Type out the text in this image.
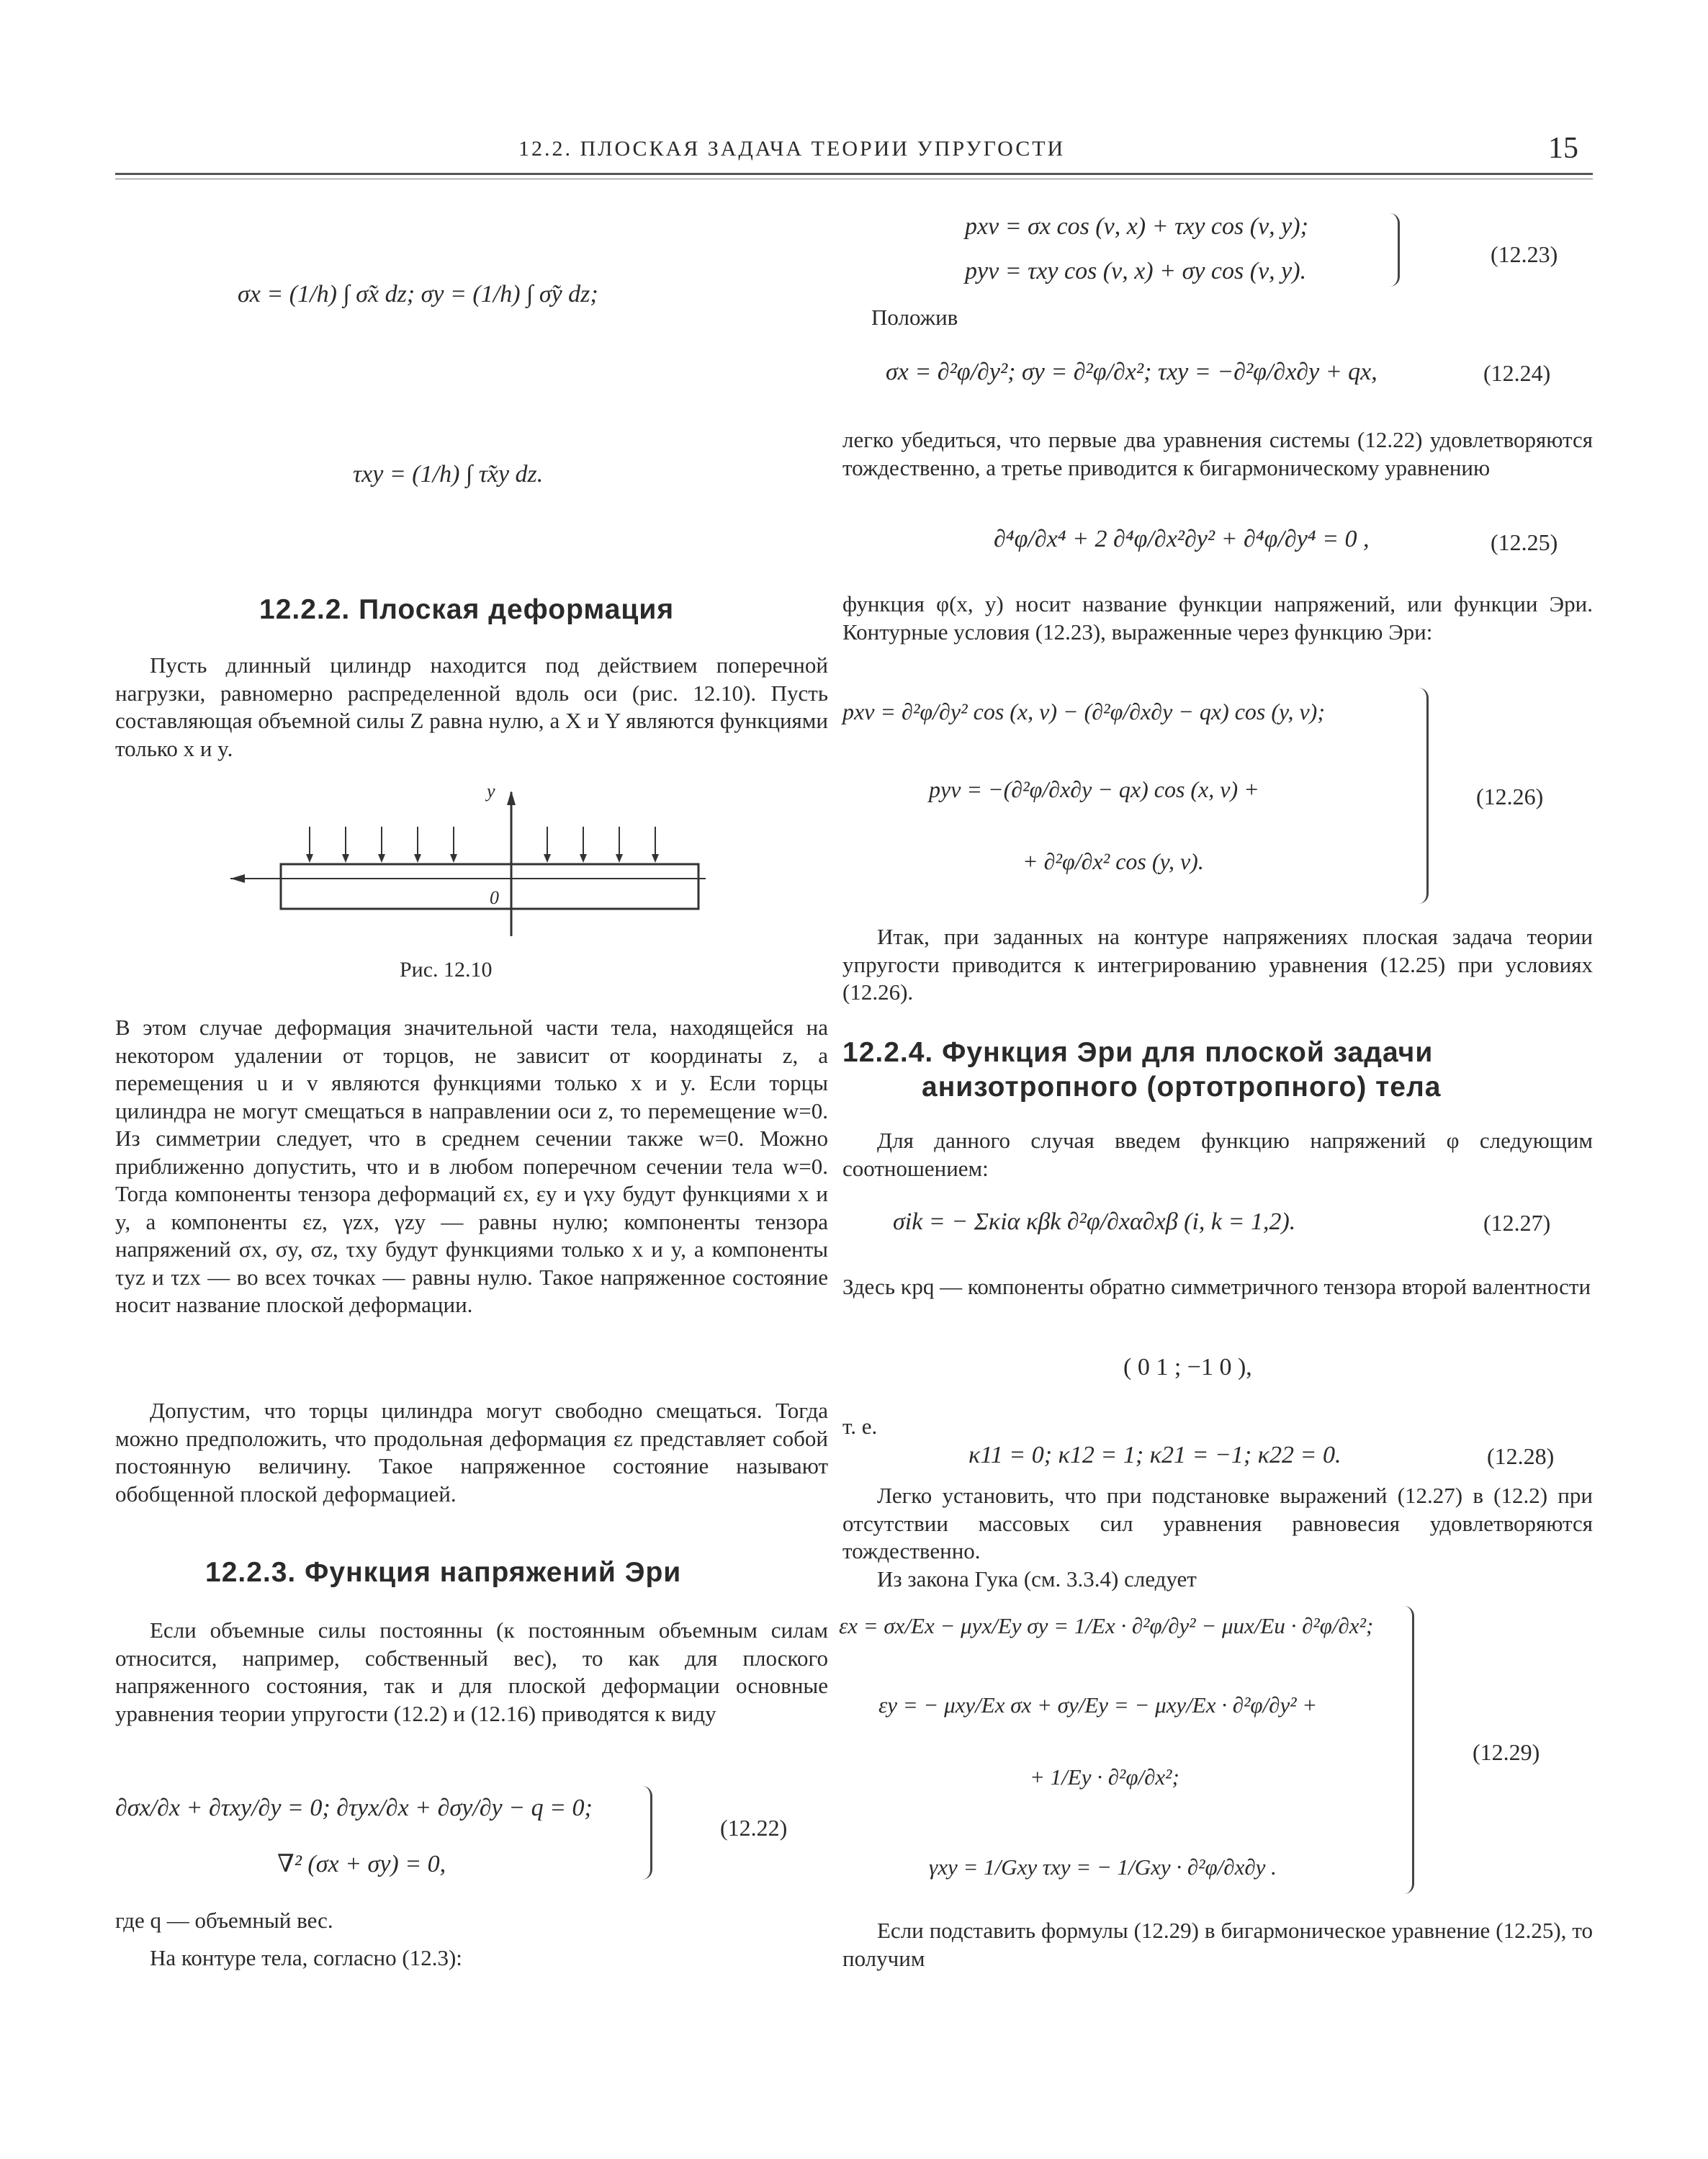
12.2. ПЛОСКАЯ ЗАДАЧА ТЕОРИИ УПРУГОСТИ	15
σx = (1/h) ∫ σ̃x dz; σy = (1/h) ∫ σ̃y dz;
τxy = (1/h) ∫ τ̃xy dz.
12.2.2. Плоская деформация
Пусть длинный цилиндр находится под действием поперечной нагрузки, равномерно распределенной вдоль оси (рис. 12.10). Пусть составляющая объемной силы Z равна нулю, а X и Y являются функциями только x и y.
y
0
Рис. 12.10
В этом случае деформация значительной части тела, находящейся на некотором удалении от торцов, не зависит от координаты z, а перемещения u и v являются функциями только x и y. Если торцы цилиндра не могут смещаться в направлении оси z, то перемещение w=0. Из симметрии следует, что в среднем сечении также w=0. Можно приближенно допустить, что и в любом поперечном сечении тела w=0. Тогда компоненты тензора деформаций εx, εy и γxy будут функциями x и y, а компоненты εz, γzx, γzy — равны нулю; компоненты тензора напряжений σx, σy, σz, τxy будут функциями только x и y, а компоненты τyz и τzx — во всех точках — равны нулю. Такое напряженное состояние носит название плоской деформации.
Допустим, что торцы цилиндра могут свободно смещаться. Тогда можно предположить, что продольная деформация εz представляет собой постоянную величину. Такое напряженное состояние называют обобщенной плоской деформацией.
12.2.3. Функция напряжений Эри
Если объемные силы постоянны (к постоянным объемным силам относится, например, собственный вес), то как для плоского напряженного состояния, так и для плоской деформации основные уравнения теории упругости (12.2) и (12.16) приводятся к виду
∂σx/∂x + ∂τxy/∂y = 0; ∂τyx/∂x + ∂σy/∂y − q = 0;
∇² (σx + σy) = 0,
(12.22)
где q — объемный вес.
На контуре тела, согласно (12.3):
pxν = σx cos (ν, x) + τxy cos (ν, y);
pyν = τxy cos (ν, x) + σy cos (ν, y).
(12.23)
Положив
σx = ∂²φ/∂y²; σy = ∂²φ/∂x²; τxy = −∂²φ/∂x∂y + qx,	(12.24)
легко убедиться, что первые два уравнения системы (12.22) удовлетворяются тождественно, а третье приводится к бигармоническому уравнению
∂⁴φ/∂x⁴ + 2 ∂⁴φ/∂x²∂y² + ∂⁴φ/∂y⁴ = 0 ,	(12.25)
функция φ(x, y) носит название функции напряжений, или функции Эри. Контурные условия (12.23), выраженные через функцию Эри:
pxν = ∂²φ/∂y² cos (x, ν) − (∂²φ/∂x∂y − qx) cos (y, ν);
pyν = −(∂²φ/∂x∂y − qx) cos (x, ν) +
+ ∂²φ/∂x² cos (y, ν).
(12.26)
Итак, при заданных на контуре напряжениях плоская задача теории упругости приводится к интегрированию уравнения (12.25) при условиях (12.26).
12.2.4. Функция Эри для плоской задачи
анизотропного (ортотропного) тела
Для данного случая введем функцию напряжений φ следующим соотношением:
σik = − Σκiα κβk ∂²φ/∂xα∂xβ (i, k = 1,2).	(12.27)
Здесь κpq — компоненты обратно симметричного тензора второй валентности
( 0 1 ; −1 0 ),
т. е.
κ11 = 0; κ12 = 1; κ21 = −1; κ22 = 0.	(12.28)
Легко установить, что при подстановке выражений (12.27) в (12.2) при отсутствии массовых сил уравнения равновесия удовлетворяются тождественно.
Из закона Гука (см. 3.3.4) следует
εx = σx/Ex − μyx/Ey σy = 1/Ex · ∂²φ/∂y² − μux/Eu · ∂²φ/∂x²;
εy = − μxy/Ex σx + σy/Ey = − μxy/Ex · ∂²φ/∂y² +
+ 1/Ey · ∂²φ/∂x²;
γxy = 1/Gxy τxy = − 1/Gxy · ∂²φ/∂x∂y .
(12.29)
Если подставить формулы (12.29) в бигармоническое уравнение (12.25), то получим
